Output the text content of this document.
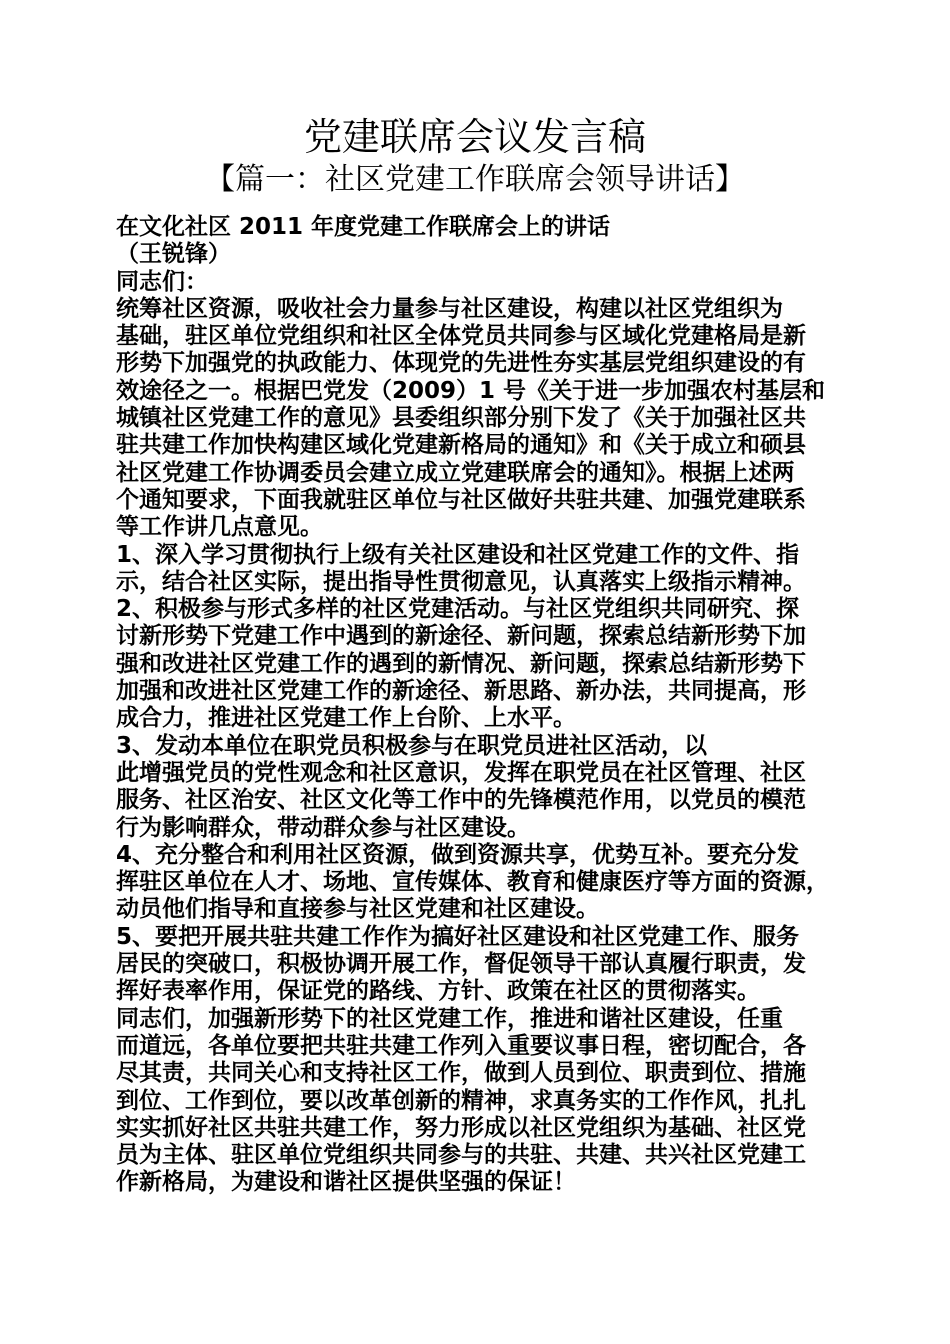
党建联席会议发言稿
【篇一：社区党建工作联席会领导讲话】
在文化社区 2011 年度党建工作联席会上的讲话
（王锐锋）
同志们：
统筹社区资源，吸收社会力量参与社区建设，构建以社区党组织为
基础，驻区单位党组织和社区全体党员共同参与区域化党建格局是新
形势下加强党的执政能力、体现党的先进性夯实基层党组织建设的有
效途径之一。根据巴党发（2009）1 号《关于进一步加强农村基层和
城镇社区党建工作的意见》县委组织部分别下发了《关于加强社区共
驻共建工作加快构建区域化党建新格局的通知》和《关于成立和硕县
社区党建工作协调委员会建立成立党建联席会的通知》。根据上述两
个通知要求，下面我就驻区单位与社区做好共驻共建、加强党建联系
等工作讲几点意见。
1、深入学习贯彻执行上级有关社区建设和社区党建工作的文件、指
示，结合社区实际，提出指导性贯彻意见，认真落实上级指示精神。
2、积极参与形式多样的社区党建活动。与社区党组织共同研究、探
讨新形势下党建工作中遇到的新途径、新问题，探索总结新形势下加
强和改进社区党建工作的遇到的新情况、新问题，探索总结新形势下
加强和改进社区党建工作的新途径、新思路、新办法，共同提高，形
成合力，推进社区党建工作上台阶、上水平。
3、发动本单位在职党员积极参与在职党员进社区活动，以
此增强党员的党性观念和社区意识，发挥在职党员在社区管理、社区
服务、社区治安、社区文化等工作中的先锋模范作用，以党员的模范
行为影响群众，带动群众参与社区建设。
4、充分整合和利用社区资源，做到资源共享，优势互补。要充分发
挥驻区单位在人才、场地、宣传媒体、教育和健康医疗等方面的资源，
动员他们指导和直接参与社区党建和社区建设。
5、要把开展共驻共建工作作为搞好社区建设和社区党建工作、服务
居民的突破口，积极协调开展工作，督促领导干部认真履行职责，发
挥好表率作用，保证党的路线、方针、政策在社区的贯彻落实。
同志们，加强新形势下的社区党建工作，推进和谐社区建设，任重
而道远，各单位要把共驻共建工作列入重要议事日程，密切配合，各
尽其责，共同关心和支持社区工作，做到人员到位、职责到位、措施
到位、工作到位，要以改革创新的精神，求真务实的工作作风，扎扎
实实抓好社区共驻共建工作，努力形成以社区党组织为基础、社区党
员为主体、驻区单位党组织共同参与的共驻、共建、共兴社区党建工
作新格局，为建设和谐社区提供坚强的保证！
